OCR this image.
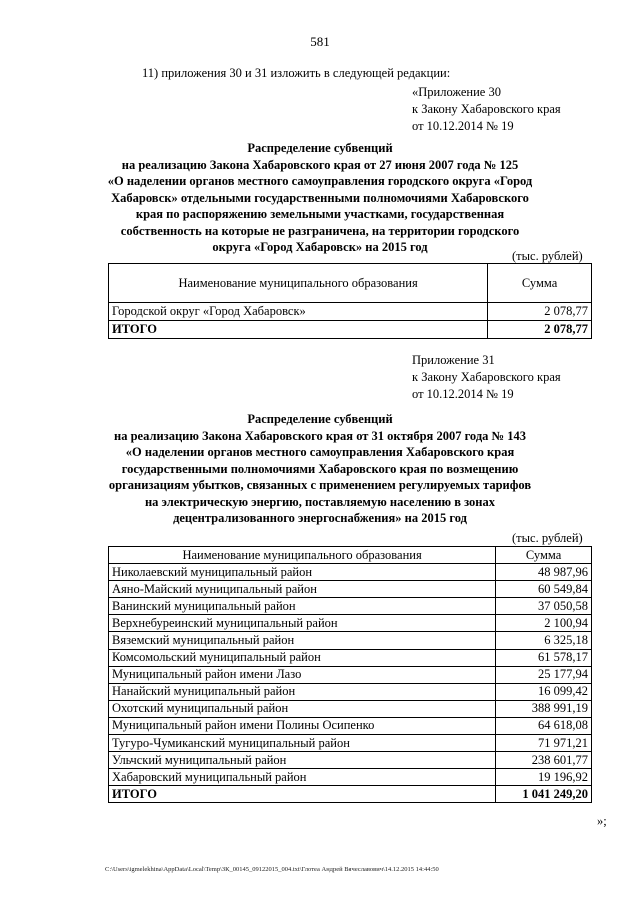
581
11) приложения 30 и 31 изложить в следующей редакции:
«Приложение 30
к Закону Хабаровского края
от 10.12.2014 № 19
Распределение субвенций
на реализацию Закона Хабаровского края от 27 июня 2007 года № 125
«О наделении органов местного самоуправления городского округа «Город
Хабаровск» отдельными государственными полномочиями Хабаровского
края по распоряжению земельными участками, государственная
собственность на которые не разграничена, на территории городского
округа «Город Хабаровск» на 2015 год
(тыс. рублей)
Наименование муниципального образования	Сумма
Городской округ «Город Хабаровск»	2 078,77
ИТОГО	2 078,77
Приложение 31
к Закону Хабаровского края
от 10.12.2014 № 19
Распределение субвенций
на реализацию Закона Хабаровского края от 31 октября 2007 года № 143
«О наделении органов местного самоуправления Хабаровского края
государственными полномочиями Хабаровского края по возмещению
организациям убытков, связанных с применением регулируемых тарифов
на электрическую энергию, поставляемую населению в зонах
децентрализованного энергоснабжения» на 2015 год
(тыс. рублей)
Наименование муниципального образования	Сумма
Николаевский муниципальный район	48 987,96
Аяно-Майский муниципальный район	60 549,84
Ванинский муниципальный район	37 050,58
Верхнебуреинский муниципальный район	2 100,94
Вяземский муниципальный район	6 325,18
Комсомольский муниципальный район	61 578,17
Муниципальный район имени Лазо	25 177,94
Нанайский муниципальный район	16 099,42
Охотский муниципальный район	388 991,19
Муниципальный район имени Полины Осипенко	64 618,08
Тугуро-Чумиканский муниципальный район	71 971,21
Ульчский муниципальный район	238 601,77
Хабаровский муниципальный район	19 196,92
ИТОГО	1 041 249,20
»;
C:\Users\igmelekhina\AppData\Local\Temp\ЗК_00145_09122015_004.txt\Глотеа Андрей Вячеславович\14.12.2015 14:44:50
